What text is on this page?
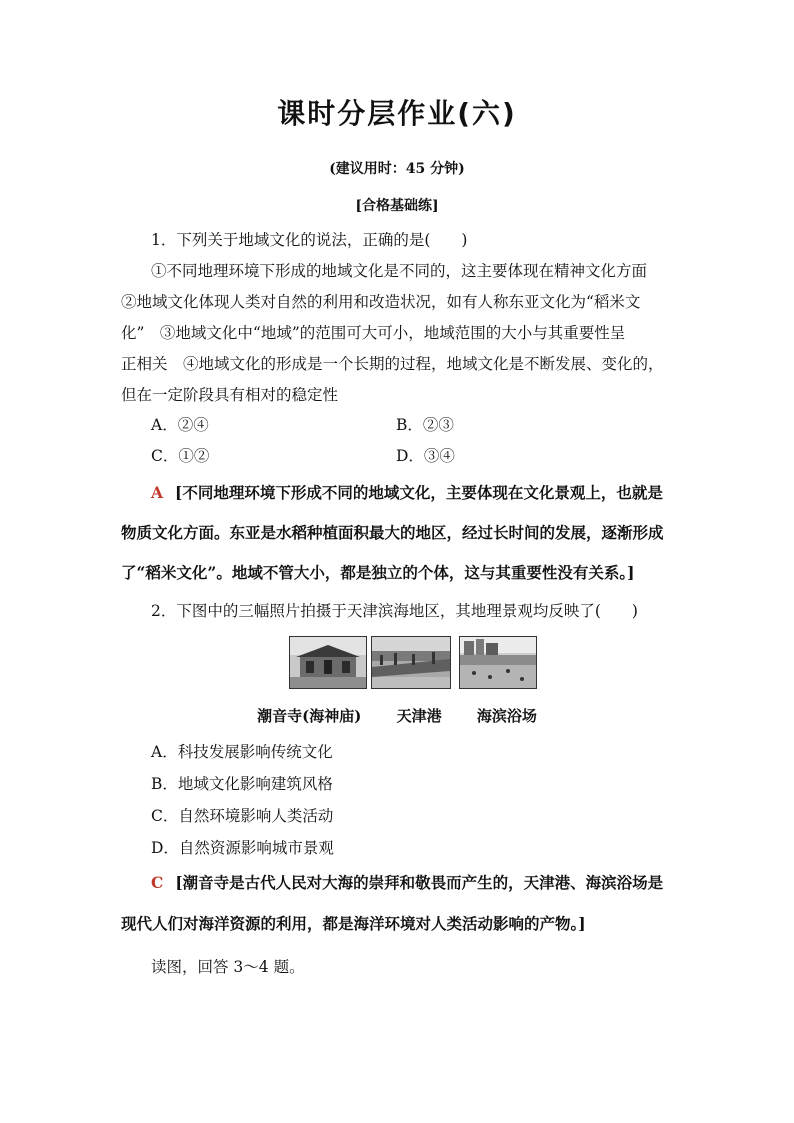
课时分层作业(六)
(建议用时：45 分钟)
[合格基础练]
1．下列关于地域文化的说法，正确的是(　　)
①不同地理环境下形成的地域文化是不同的，这主要体现在精神文化方面
②地域文化体现人类对自然的利用和改造状况，如有人称东亚文化为“稻米文
化”　③地域文化中“地域”的范围可大可小，地域范围的大小与其重要性呈
正相关　④地域文化的形成是一个长期的过程，地域文化是不断发展、变化的，
但在一定阶段具有相对的稳定性
A．②④	B．②③
C．①②	D．③④
A [不同地理环境下形成不同的地域文化，主要体现在文化景观上，也就是
物质文化方面。东亚是水稻种植面积最大的地区，经过长时间的发展，逐渐形成
了“稻米文化”。地域不管大小，都是独立的个体，这与其重要性没有关系。]
2．下图中的三幅照片拍摄于天津滨海地区，其地理景观均反映了(　　)
潮音寺(海神庙) 天津港 海滨浴场
A．科技发展影响传统文化
B．地域文化影响建筑风格
C．自然环境影响人类活动
D．自然资源影响城市景观
C [潮音寺是古代人民对大海的崇拜和敬畏而产生的，天津港、海滨浴场是
现代人们对海洋资源的利用，都是海洋环境对人类活动影响的产物。]
读图，回答 3～4 题。
